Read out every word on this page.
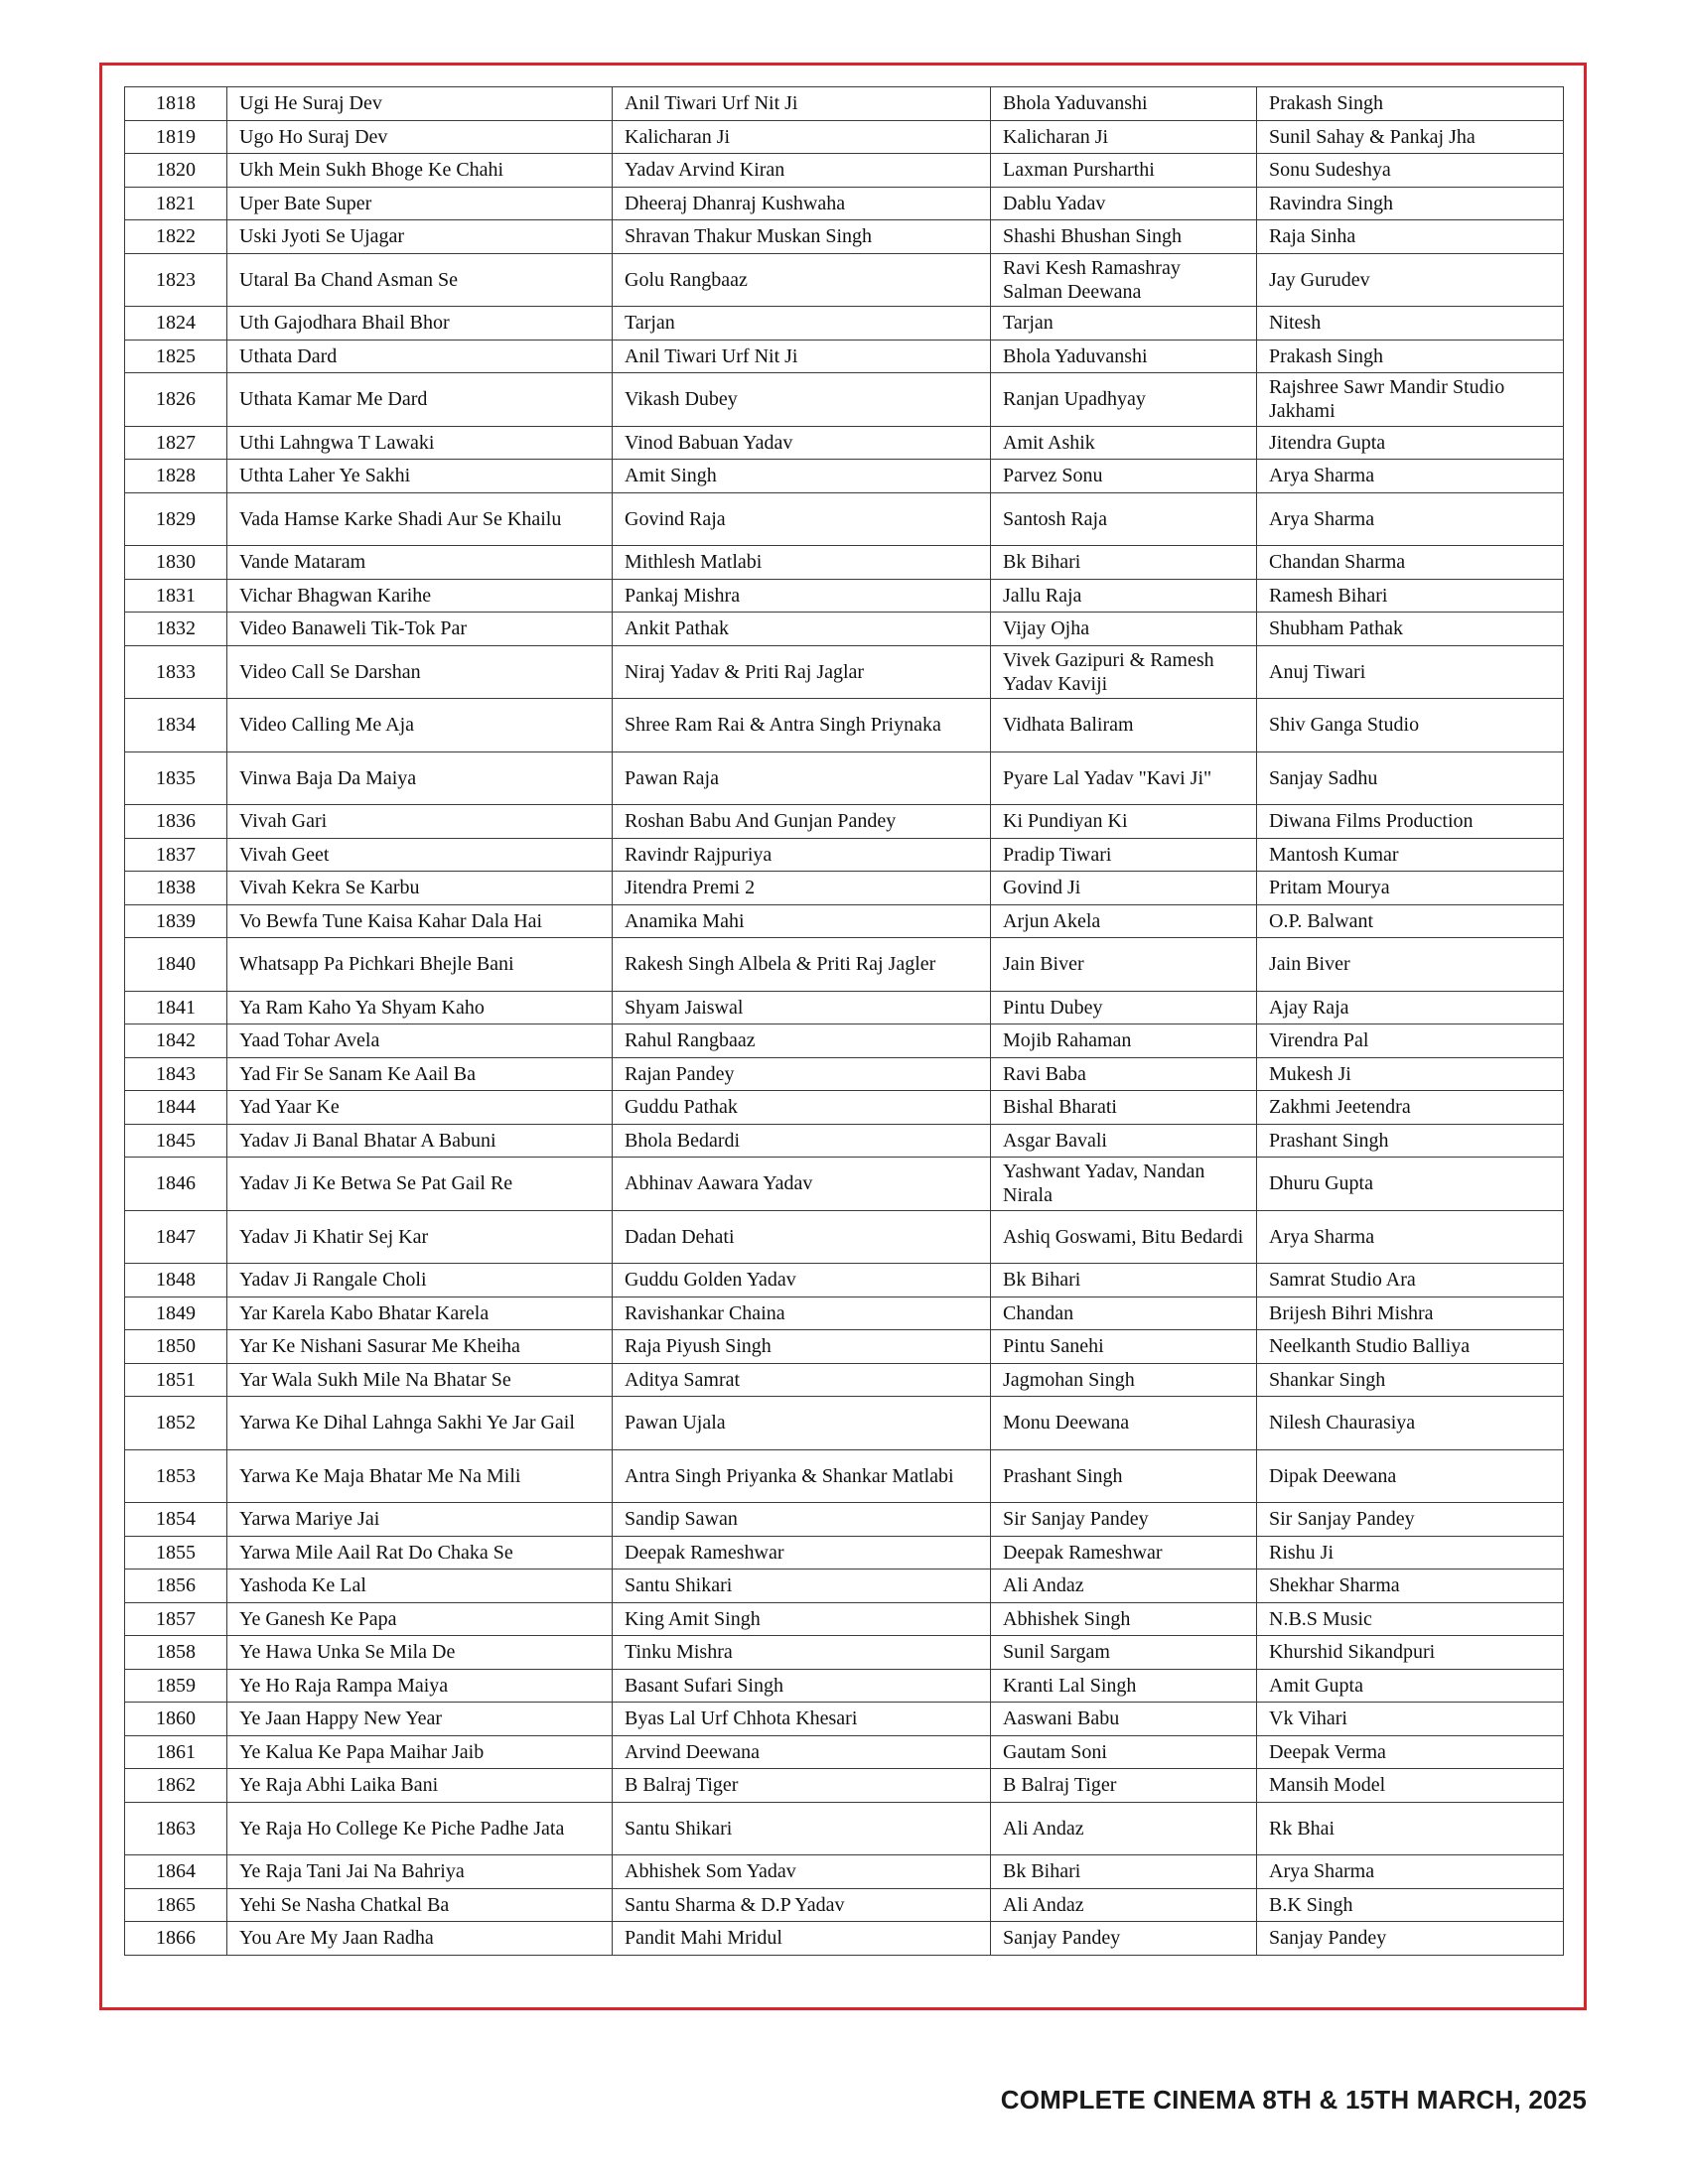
1818	Ugi He Suraj Dev	Anil Tiwari Urf Nit Ji	Bhola Yaduvanshi	Prakash Singh
1819	Ugo Ho Suraj Dev	Kalicharan Ji	Kalicharan Ji	Sunil Sahay & Pankaj Jha
1820	Ukh Mein Sukh Bhoge Ke Chahi	Yadav Arvind Kiran	Laxman Pursharthi	Sonu Sudeshya
1821	Uper Bate Super	Dheeraj Dhanraj Kushwaha	Dablu Yadav	Ravindra Singh
1822	Uski Jyoti Se Ujagar	Shravan Thakur Muskan Singh	Shashi Bhushan Singh	Raja Sinha
1823	Utaral Ba Chand Asman Se	Golu Rangbaaz	Ravi Kesh Ramashray Salman Deewana	Jay Gurudev
1824	Uth Gajodhara Bhail Bhor	Tarjan	Tarjan	Nitesh
1825	Uthata Dard	Anil Tiwari Urf Nit Ji	Bhola Yaduvanshi	Prakash Singh
1826	Uthata Kamar Me Dard	Vikash Dubey	Ranjan Upadhyay	Rajshree Sawr Mandir Studio Jakhami
1827	Uthi Lahngwa T Lawaki	Vinod Babuan Yadav	Amit Ashik	Jitendra Gupta
1828	Uthta Laher Ye Sakhi	Amit Singh	Parvez Sonu	Arya Sharma
1829	Vada Hamse Karke Shadi Aur Se Khailu	Govind Raja	Santosh Raja	Arya Sharma
1830	Vande Mataram	Mithlesh Matlabi	Bk Bihari	Chandan Sharma
1831	Vichar Bhagwan Karihe	Pankaj Mishra	Jallu Raja	Ramesh Bihari
1832	Video Banaweli Tik-Tok Par	Ankit Pathak	Vijay Ojha	Shubham Pathak
1833	Video Call Se Darshan	Niraj Yadav & Priti Raj Jaglar	Vivek Gazipuri & Ramesh Yadav Kaviji	Anuj Tiwari
1834	Video Calling Me Aja	Shree Ram Rai & Antra Singh Priynaka	Vidhata Baliram	Shiv Ganga Studio
1835	Vinwa Baja Da Maiya	Pawan Raja	Pyare Lal Yadav "Kavi Ji"	Sanjay Sadhu
1836	Vivah Gari	Roshan Babu And Gunjan Pandey	Ki Pundiyan Ki	Diwana Films Production
1837	Vivah Geet	Ravindr Rajpuriya	Pradip Tiwari	Mantosh Kumar
1838	Vivah Kekra Se Karbu	Jitendra Premi 2	Govind Ji	Pritam Mourya
1839	Vo Bewfa Tune Kaisa Kahar Dala Hai	Anamika Mahi	Arjun Akela	O.P. Balwant
1840	Whatsapp Pa Pichkari Bhejle Bani	Rakesh Singh Albela & Priti Raj Jagler	Jain Biver	Jain Biver
1841	Ya Ram Kaho Ya Shyam Kaho	Shyam Jaiswal	Pintu Dubey	Ajay Raja
1842	Yaad Tohar Avela	Rahul Rangbaaz	Mojib Rahaman	Virendra Pal
1843	Yad Fir Se Sanam Ke Aail Ba	Rajan Pandey	Ravi Baba	Mukesh Ji
1844	Yad Yaar Ke	Guddu Pathak	Bishal Bharati	Zakhmi Jeetendra
1845	Yadav Ji Banal Bhatar A Babuni	Bhola Bedardi	Asgar Bavali	Prashant Singh
1846	Yadav Ji Ke Betwa Se Pat Gail Re	Abhinav Aawara Yadav	Yashwant Yadav, Nandan Nirala	Dhuru Gupta
1847	Yadav Ji Khatir Sej Kar	Dadan Dehati	Ashiq Goswami, Bitu Bedardi	Arya Sharma
1848	Yadav Ji Rangale Choli	Guddu Golden Yadav	Bk Bihari	Samrat Studio Ara
1849	Yar Karela Kabo Bhatar Karela	Ravishankar Chaina	Chandan	Brijesh Bihri Mishra
1850	Yar Ke Nishani Sasurar Me Kheiha	Raja Piyush Singh	Pintu Sanehi	Neelkanth Studio Balliya
1851	Yar Wala Sukh Mile Na Bhatar Se	Aditya Samrat	Jagmohan Singh	Shankar Singh
1852	Yarwa Ke Dihal Lahnga Sakhi Ye Jar Gail	Pawan Ujala	Monu Deewana	Nilesh Chaurasiya
1853	Yarwa Ke Maja Bhatar Me Na Mili	Antra Singh Priyanka & Shankar Matlabi	Prashant Singh	Dipak Deewana
1854	Yarwa Mariye Jai	Sandip Sawan	Sir Sanjay Pandey	Sir Sanjay Pandey
1855	Yarwa Mile Aail Rat Do Chaka Se	Deepak Rameshwar	Deepak Rameshwar	Rishu Ji
1856	Yashoda Ke Lal	Santu Shikari	Ali Andaz	Shekhar Sharma
1857	Ye Ganesh Ke Papa	King Amit Singh	Abhishek Singh	N.B.S Music
1858	Ye Hawa Unka Se Mila De	Tinku Mishra	Sunil Sargam	Khurshid Sikandpuri
1859	Ye Ho Raja Rampa Maiya	Basant Sufari Singh	Kranti Lal Singh	Amit Gupta
1860	Ye Jaan Happy New Year	Byas Lal Urf Chhota Khesari	Aaswani Babu	Vk Vihari
1861	Ye Kalua Ke Papa Maihar Jaib	Arvind Deewana	Gautam Soni	Deepak Verma
1862	Ye Raja Abhi Laika Bani	B Balraj Tiger	B Balraj Tiger	Mansih Model
1863	Ye Raja Ho College Ke Piche Padhe Jata	Santu Shikari	Ali Andaz	Rk Bhai
1864	Ye Raja Tani Jai Na Bahriya	Abhishek Som Yadav	Bk Bihari	Arya Sharma
1865	Yehi Se Nasha Chatkal Ba	Santu Sharma & D.P Yadav	Ali Andaz	B.K Singh
1866	You Are My Jaan Radha	Pandit Mahi Mridul	Sanjay Pandey	Sanjay Pandey
COMPLETE CINEMA 8TH & 15TH MARCH, 2025
